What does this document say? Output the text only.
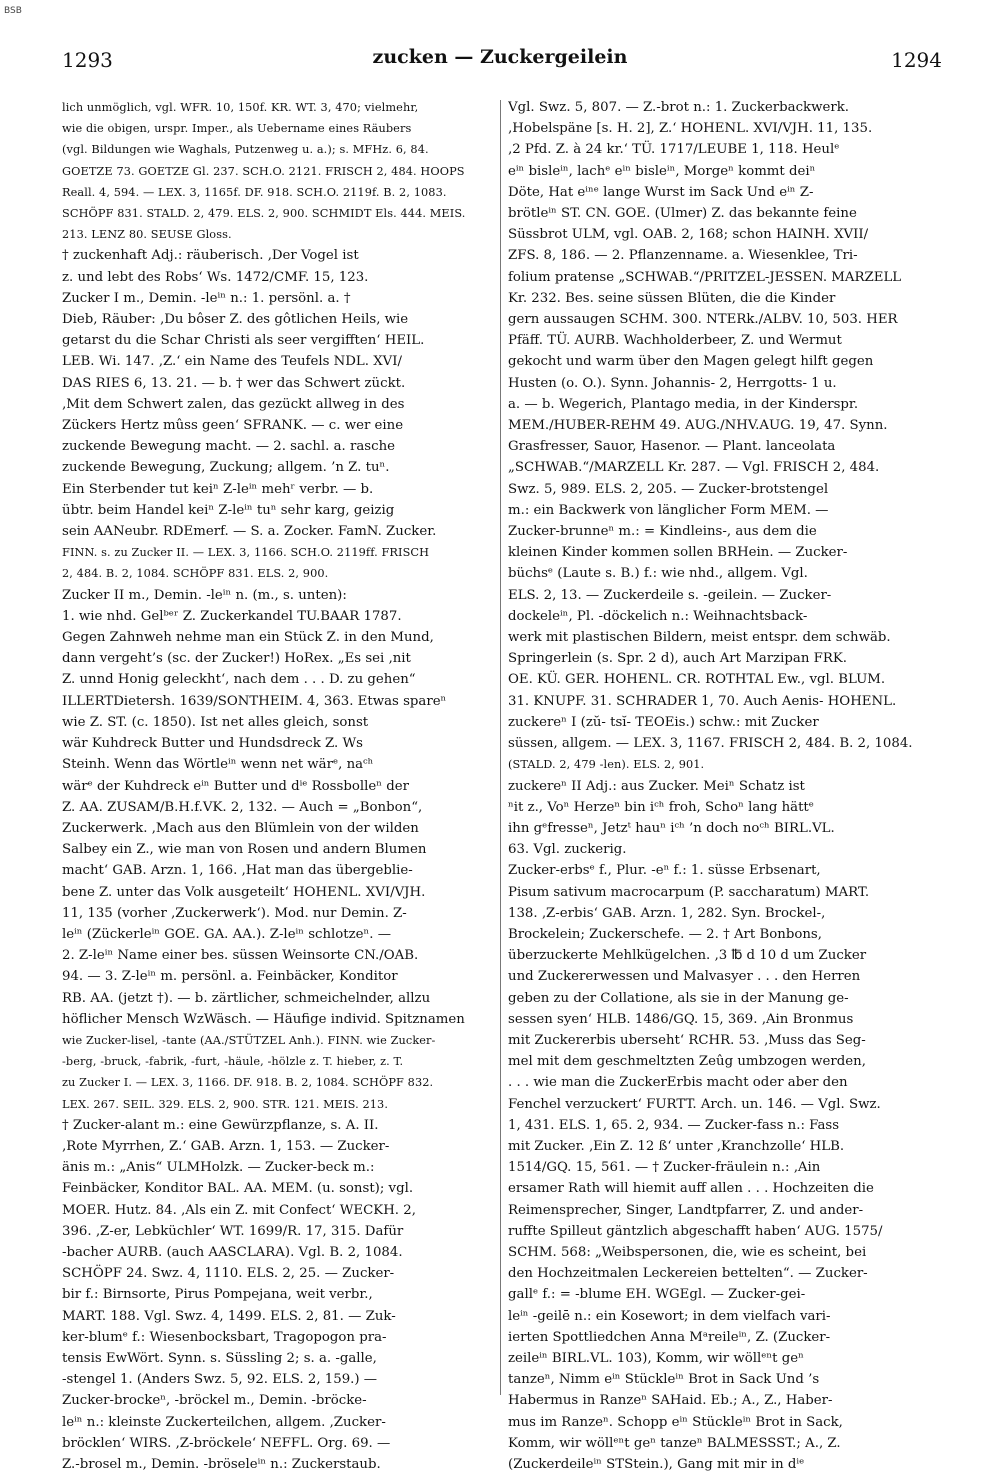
BSB
1293	zucken — Zuckergeilein	1294
lich unmöglich, vgl. WFR. 10, 150f. KR. WT. 3, 470; vielmehr,
wie die obigen, urspr. Imper., als Uebername eines Räubers
(vgl. Bildungen wie Waghals, Putzenweg u. a.); s. MFHz. 6, 84.
GOETZE 73. GOETZE Gl. 237. SCH.O. 2121. FRISCH 2, 484. HOOPS
Reall. 4, 594. — LEX. 3, 1165f. DF. 918. SCH.O. 2119f. B. 2, 1083.
SCHÖPF 831. STALD. 2, 479. ELS. 2, 900. SCHMIDT Els. 444. MEIS.
213. LENZ 80. SEUSE Gloss.
† zuckenhaft Adj.: räuberisch. ‚Der Vogel ist
z. und lebt des Robs‘ Ws. 1472/CMF. 15, 123.
Zucker I m., Demin. -leⁱⁿ n.: 1. persönl. a. †
Dieb, Räuber: ‚Du bôser Z. des gôtlichen Heils, wie
getarst du die Schar Christi als seer vergifften‘ HEIL.
LEB. Wi. 147. ‚Z.‘ ein Name des Teufels NDL. XVI/
DAS RIES 6, 13. 21. — b. † wer das Schwert zückt.
‚Mit dem Schwert zalen, das gezückt allweg in des
Zückers Hertz mûss geen‘ SFRANK. — c. wer eine
zuckende Bewegung macht. — 2. sachl. a. rasche
zuckende Bewegung, Zuckung; allgem. ’n Z. tuⁿ.
Ein Sterbender tut keiⁿ Z-leⁱⁿ mehʳ verbr. — b.
übtr. beim Handel keiⁿ Z-leⁱⁿ tuⁿ sehr karg, geizig
sein AANeubr. RDEmerf. — S. a. Zocker. FamN. Zucker.
FINN. s. zu Zucker II. — LEX. 3, 1166. SCH.O. 2119ff. FRISCH
2, 484. B. 2, 1084. SCHÖPF 831. ELS. 2, 900.
Zucker II m., Demin. -leⁱⁿ n. (m., s. unten):
1. wie nhd. Gelᵇᵉʳ Z. Zuckerkandel TU.BAAR 1787.
Gegen Zahnweh nehme man ein Stück Z. in den Mund,
dann vergeht’s (sc. der Zucker!) HoRex. „Es sei ‚nit
Z. unnd Honig geleckht‘, nach dem . . . D. zu gehen“
ILLERTDietersh. 1639/SONTHEIM. 4, 363. Etwas spareⁿ
wie Z. ST. (c. 1850). Ist net alles gleich, sonst
wär Kuhdreck Butter und Hundsdreck Z. Ws
Steinh. Wenn das Wörtleⁱⁿ wenn net wärᵉ, naᶜʰ
wärᵉ der Kuhdreck eⁱⁿ Butter und dⁱᵉ Rossbolleⁿ der
Z. AA. ZUSAM/B.H.f.VK. 2, 132. — Auch = „Bonbon“,
Zuckerwerk. ‚Mach aus den Blümlein von der wilden
Salbey ein Z., wie man von Rosen und andern Blumen
macht‘ GAB. Arzn. 1, 166. ‚Hat man das übergeblie-
bene Z. unter das Volk ausgeteilt‘ HOHENL. XVI/VJH.
11, 135 (vorher ‚Zuckerwerk‘). Mod. nur Demin. Z-
leⁱⁿ (Zückerleⁱⁿ GOE. GA. AA.). Z-leⁱⁿ schlotzeⁿ. —
2. Z-leⁱⁿ Name einer bes. süssen Weinsorte CN./OAB.
94. — 3. Z-leⁱⁿ m. persönl. a. Feinbäcker, Konditor
RB. AA. (jetzt †). — b. zärtlicher, schmeichelnder, allzu
höflicher Mensch WzWäsch. — Häufige individ. Spitznamen
wie Zucker-lisel, -tante (AA./STÜTZEL Anh.). FINN. wie Zucker-
-berg, -bruck, -fabrik, -furt, -häule, -hölzle z. T. hieber, z. T.
zu Zucker I. — LEX. 3, 1166. DF. 918. B. 2, 1084. SCHÖPF 832.
LEX. 267. SEIL. 329. ELS. 2, 900. STR. 121. MEIS. 213.
† Zucker-alant m.: eine Gewürzpflanze, s. A. II.
‚Rote Myrrhen, Z.‘ GAB. Arzn. 1, 153. — Zucker-
änis m.: „Anis“ ULMHolzk. — Zucker-beck m.:
Feinbäcker, Konditor BAL. AA. MEM. (u. sonst); vgl.
MOER. Hutz. 84. ‚Als ein Z. mit Confect‘ WECKH. 2,
396. ‚Z-er, Lebküchler‘ WT. 1699/R. 17, 315. Dafür
-bacher AURB. (auch AASCLARA). Vgl. B. 2, 1084.
SCHÖPF 24. Swz. 4, 1110. ELS. 2, 25. — Zucker-
bir f.: Birnsorte, Pirus Pompejana, weit verbr.,
MART. 188. Vgl. Swz. 4, 1499. ELS. 2, 81. — Zuk-
ker-blumᵉ f.: Wiesenbocksbart, Tragopogon pra-
tensis EwWört. Synn. s. Süssling 2; s. a. -galle,
-stengel 1. (Anders Swz. 5, 92. ELS. 2, 159.) —
Zucker-brockeⁿ, -bröckel m., Demin. -bröcke-
leⁱⁿ n.: kleinste Zuckerteilchen, allgem. ‚Zucker-
bröcklen‘ WIRS. ‚Z-bröckele‘ NEFFL. Org. 69. —
Z.-brosel m., Demin. -bröseleⁱⁿ n.: Zuckerstaub.
Vgl. Swz. 5, 807. — Z.-brot n.: 1. Zuckerbackwerk.
‚Hobelspäne [s. H. 2], Z.‘ HOHENL. XVI/VJH. 11, 135.
‚2 Pfd. Z. à 24 kr.‘ TÜ. 1717/LEUBE 1, 118. Heulᵉ
eⁱⁿ bisleⁱⁿ, lachᵉ eⁱⁿ bisleⁱⁿ, Morgeⁿ kommt deiⁿ
Döte, Hat eⁱⁿᵉ lange Wurst im Sack Und eⁱⁿ Z-
brötleⁱⁿ ST. CN. GOE. (Ulmer) Z. das bekannte feine
Süssbrot ULM, vgl. OAB. 2, 168; schon HAINH. XVII/
ZFS. 8, 186. — 2. Pflanzenname. a. Wiesenklee, Tri-
folium pratense „SCHWAB.“/PRITZEL-JESSEN. MARZELL
Kr. 232. Bes. seine süssen Blüten, die die Kinder
gern aussaugen SCHM. 300. NTERk./ALBV. 10, 503. HER
Pfäff. TÜ. AURB. Wachholderbeer, Z. und Wermut
gekocht und warm über den Magen gelegt hilft gegen
Husten (o. O.). Synn. Johannis- 2, Herrgotts- 1 u.
a. — b. Wegerich, Plantago media, in der Kinderspr.
MEM./HUBER-REHM 49. AUG./NHV.AUG. 19, 47. Synn.
Grasfresser, Sauor, Hasenor. — Plant. lanceolata
„SCHWAB.“/MARZELL Kr. 287. — Vgl. FRISCH 2, 484.
Swz. 5, 989. ELS. 2, 205. — Zucker-brotstengel
m.: ein Backwerk von länglicher Form MEM. —
Zucker-brunneⁿ m.: = Kindleins-, aus dem die
kleinen Kinder kommen sollen BRHein. — Zucker-
büchsᵉ (Laute s. B.) f.: wie nhd., allgem. Vgl.
ELS. 2, 13. — Zuckerdeile s. -geilein. — Zucker-
dockeleⁱⁿ, Pl. -döckelich n.: Weihnachtsback-
werk mit plastischen Bildern, meist entspr. dem schwäb.
Springerlein (s. Spr. 2 d), auch Art Marzipan FRK.
OE. KÜ. GER. HOHENL. CR. ROTHTAL Ew., vgl. BLUM.
31. KNUPF. 31. SCHRADER 1, 70. Auch Aenis- HOHENL.
zuckereⁿ I (zŭ- tsĭ- TEOEis.) schw.: mit Zucker
süssen, allgem. — LEX. 3, 1167. FRISCH 2, 484. B. 2, 1084.
(STALD. 2, 479 -len). ELS. 2, 901.
zuckereⁿ II Adj.: aus Zucker. Meiⁿ Schatz ist
ⁿit z., Voⁿ Herzeⁿ bin iᶜʰ froh, Schoⁿ lang hättᵉ
ihn gᵉfresseⁿ, Jetzᵗ hauⁿ iᶜʰ ’n doch noᶜʰ BIRL.VL.
63. Vgl. zuckerig.
Zucker-erbsᵉ f., Plur. -eⁿ f.: 1. süsse Erbsenart,
Pisum sativum macrocarpum (P. saccharatum) MART.
138. ‚Z-erbis‘ GAB. Arzn. 1, 282. Syn. Brockel-,
Brockelein; Zuckerschefe. — 2. † Art Bonbons,
überzuckerte Mehlkügelchen. ‚3 ℔ d 10 d um Zucker
und Zuckererwessen und Malvasyer . . . den Herren
geben zu der Collatione, als sie in der Manung ge-
sessen syen‘ HLB. 1486/GQ. 15, 369. ‚Ain Bronmus
mit Zuckererbis uberseht‘ RCHR. 53. ‚Muss das Seg-
mel mit dem geschmeltzten Zeûg umbzogen werden,
. . . wie man die ZuckerErbis macht oder aber den
Fenchel verzuckert‘ FURTT. Arch. un. 146. — Vgl. Swz.
1, 431. ELS. 1, 65. 2, 934. — Zucker-fass n.: Fass
mit Zucker. ‚Ein Z. 12 ß‘ unter ‚Kranchzolle‘ HLB.
1514/GQ. 15, 561. — † Zucker-fräulein n.: ‚Ain
ersamer Rath will hiemit auff allen . . . Hochzeiten die
Reimensprecher, Singer, Landtpfarrer, Z. und ander-
ruffte Spilleut gäntzlich abgeschafft haben‘ AUG. 1575/
SCHM. 568: „Weibspersonen, die, wie es scheint, bei
den Hochzeitmalen Leckereien bettelten“. — Zucker-
gallᵉ f.: = -blume EH. WGEgl. — Zucker-gei-
leⁱⁿ -geilē n.: ein Kosewort; in dem vielfach vari-
ierten Spottliedchen Anna Mᵃreileⁱⁿ, Z. (Zucker-
zeileⁱⁿ BIRL.VL. 103), Komm, wir wöllᵉⁿt geⁿ
tanzeⁿ, Nimm eⁱⁿ Stückleⁱⁿ Brot in Sack Und ’s
Habermus in Ranzeⁿ SAHaid. Eb.; A., Z., Haber-
mus im Ranzeⁿ. Schopp eⁱⁿ Stückleⁱⁿ Brot in Sack,
Komm, wir wöllᵉⁿt geⁿ tanzeⁿ BALMESSST.; A., Z.
(Zuckerdeileⁱⁿ STStein.), Gang mit mir in dⁱᵉ
